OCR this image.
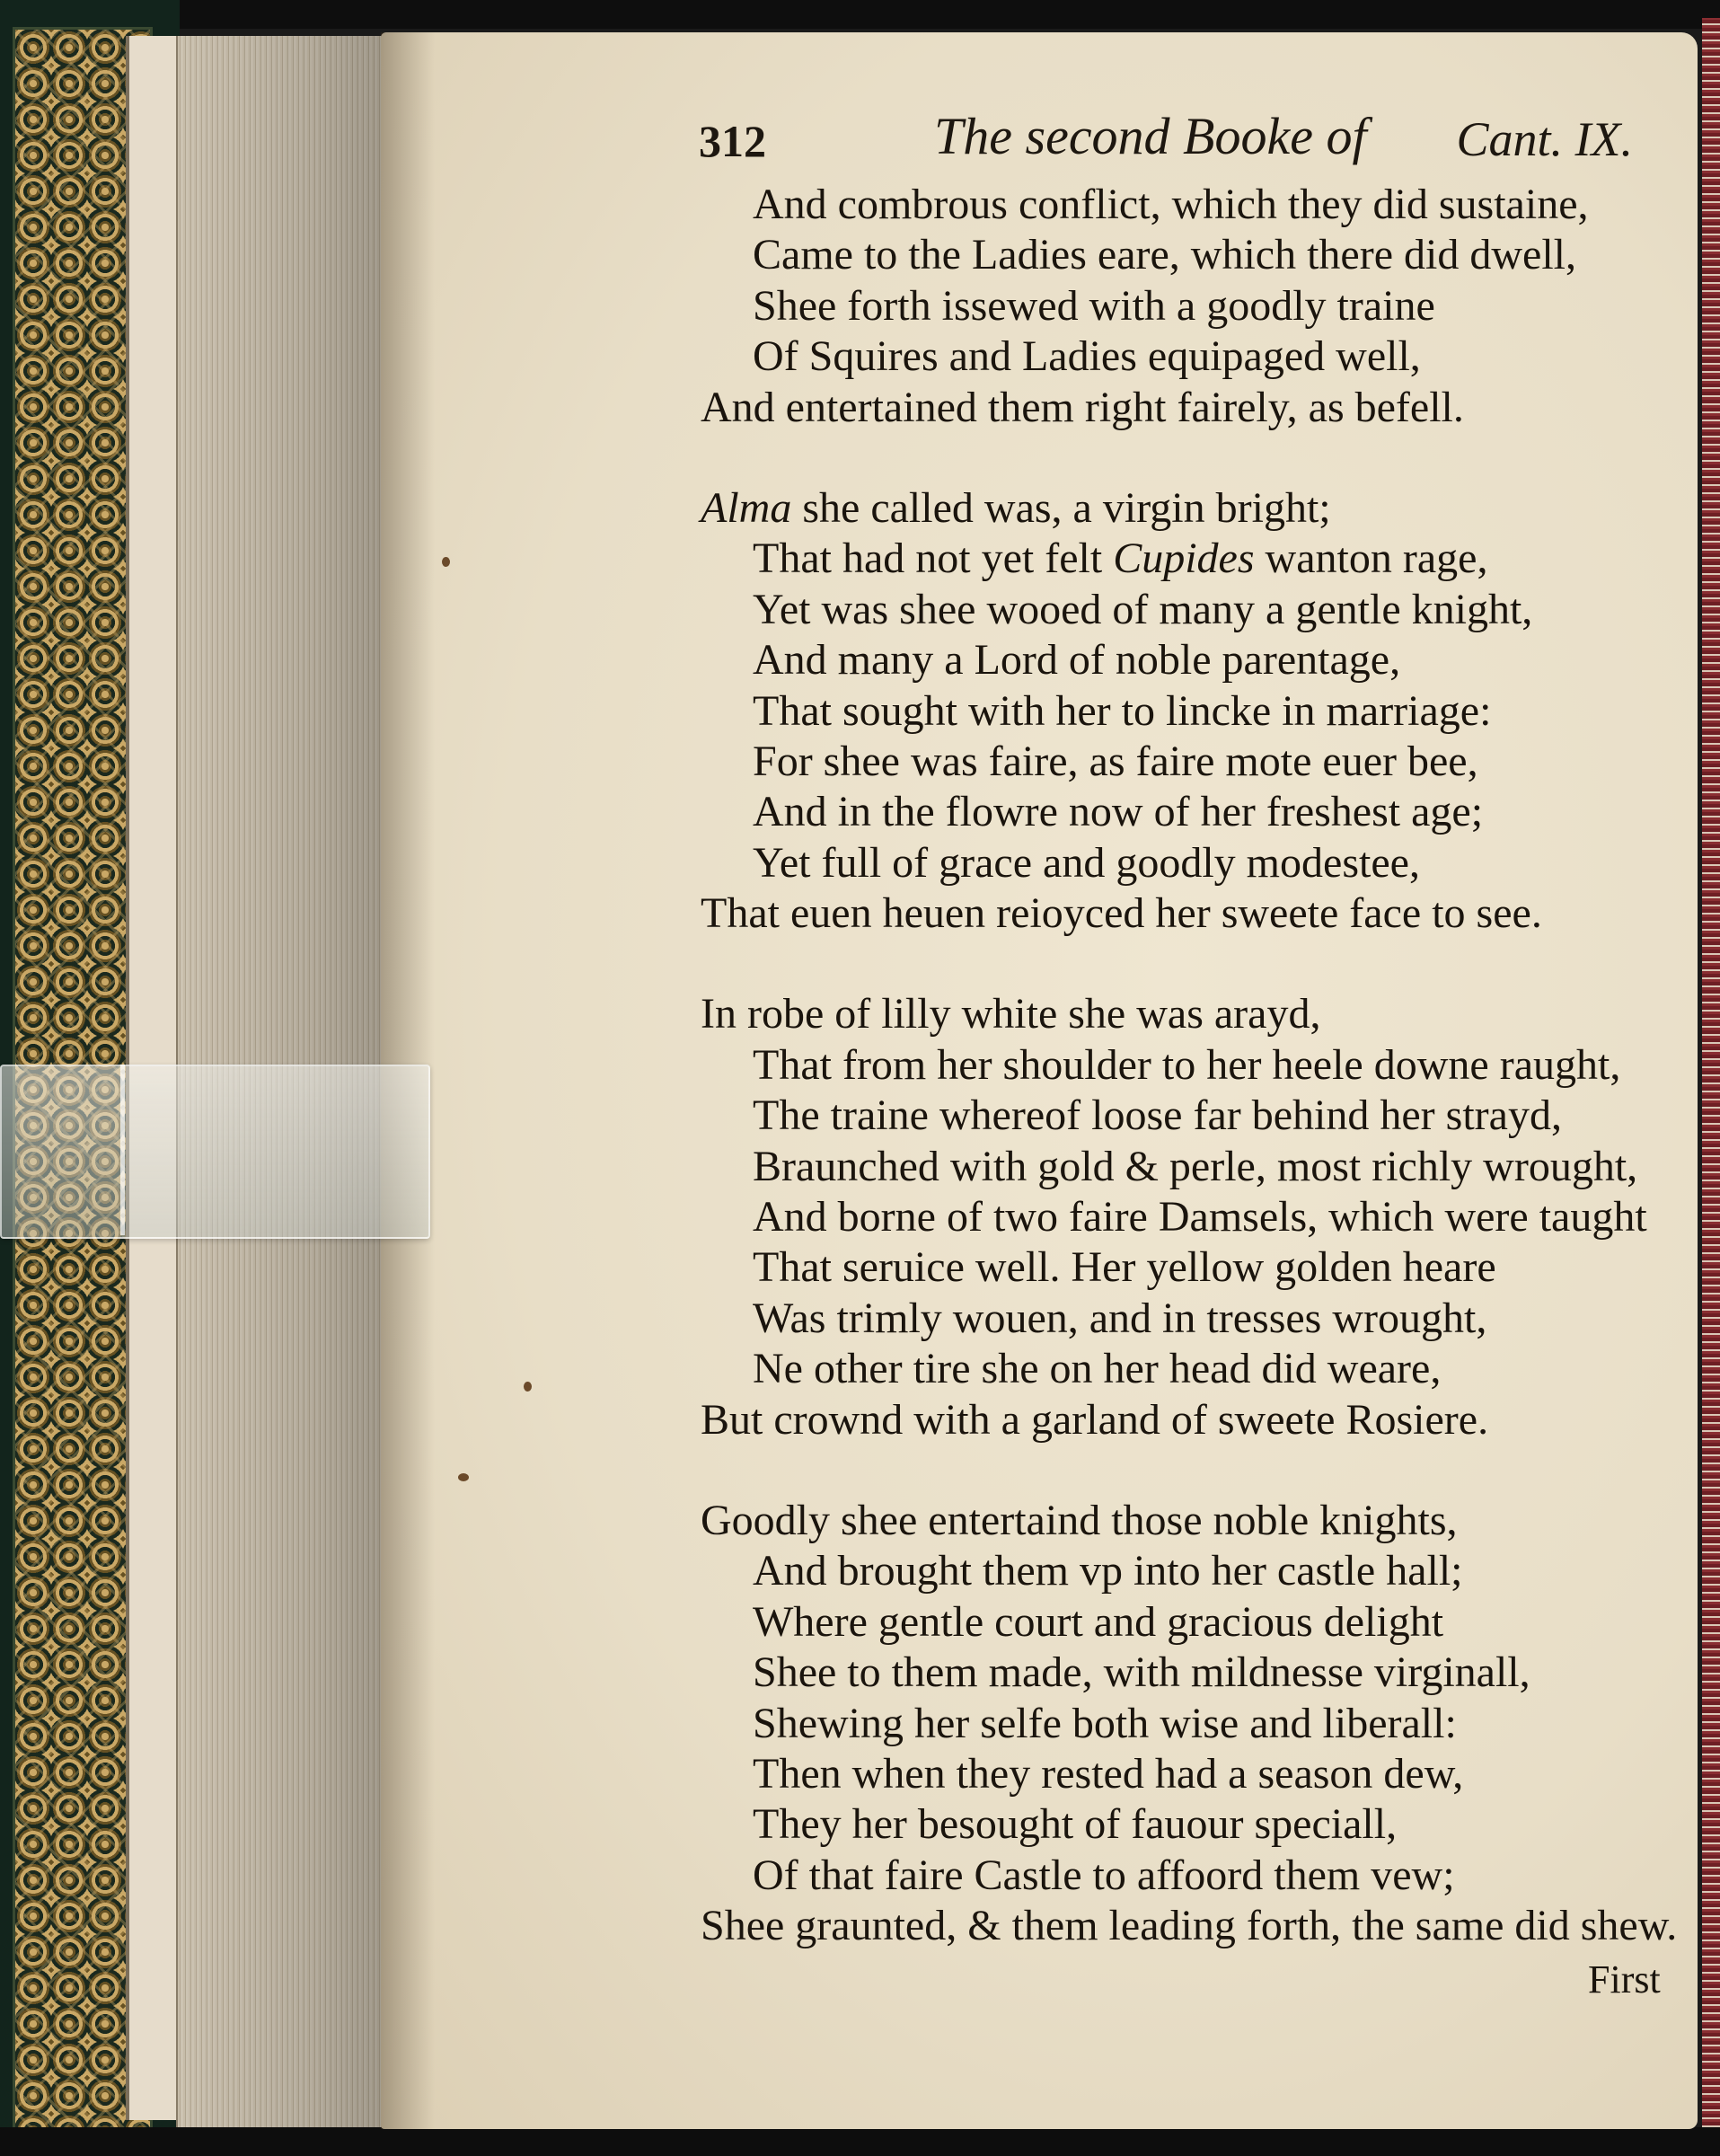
312	The second Booke of Cant. IX.
And combrous conflict, which they did sustaine,
Came to the Ladies eare, which there did dwell,
Shee forth issewed with a goodly traine
Of Squires and Ladies equipaged well,
And entertained them right fairely, as befell.
Alma she called was, a virgin bright;
That had not yet felt Cupides wanton rage,
Yet was shee wooed of many a gentle knight,
And many a Lord of noble parentage,
That sought with her to lincke in marriage:
For shee was faire, as faire mote euer bee,
And in the flowre now of her freshest age;
Yet full of grace and goodly modestee,
That euen heuen reioyced her sweete face to see.
In robe of lilly white she was arayd,
That from her shoulder to her heele downe raught,
The traine whereof loose far behind her strayd,
Braunched with gold & perle, most richly wrought,
And borne of two faire Damsels, which were taught
That seruice well. Her yellow golden heare
Was trimly wouen, and in tresses wrought,
Ne other tire she on her head did weare,
But crownd with a garland of sweete Rosiere.
Goodly shee entertaind those noble knights,
And brought them vp into her castle hall;
Where gentle court and gracious delight
Shee to them made, with mildnesse virginall,
Shewing her selfe both wise and liberall:
Then when they rested had a season dew,
They her besought of fauour speciall,
Of that faire Castle to affoord them vew;
Shee graunted, & them leading forth, the same did shew.
First
